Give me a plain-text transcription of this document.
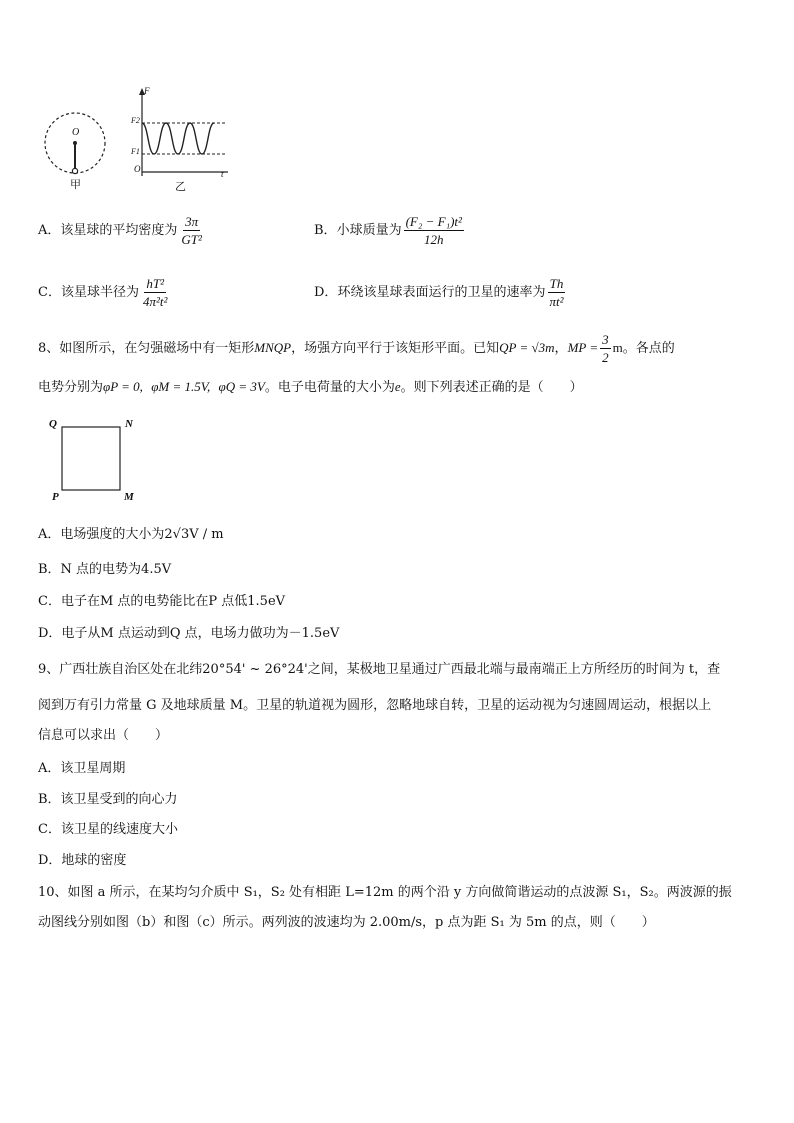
O
甲
F
F2
F1
O	t
乙
A．该星球的平均密度为 $\frac{3\pi}{\text{GT²}}$	B．小球质量为 $\frac{\text{(F₂ − F₁)t²}}{12h}$
C．该星球半径为 $\frac{\text{hT²}}{\text{4π²t²}}$	D．环绕该星球表面运行的卫星的速率为 $\frac{Th}{\text{πt²}}$
8、如图所示，在匀强磁场中有一矩形MNQP，场强方向平行于该矩形平面。已知QP = √3m，MP = $\frac{3}{2}$ m。各点的
电势分别为φP = 0, φM = 1.5V, φQ = 3V。电子电荷量的大小为e。则下列表述正确的是（　　）
Q	N
P	M
A．电场强度的大小为2√3V / m
B．N 点的电势为4.5V
C．电子在M 点的电势能比在P 点低1.5eV
D．电子从M 点运动到Q 点，电场力做功为－1.5eV
9、广西壮族自治区处在北纬20°54' ~ 26°24'之间，某极地卫星通过广西最北端与最南端正上方所经历的时间为 t，查
阅到万有引力常量 G 及地球质量 M。卫星的轨道视为圆形，忽略地球自转，卫星的运动视为匀速圆周运动，根据以上
信息可以求出（　　）
A．该卫星周期
B．该卫星受到的向心力
C．该卫星的线速度大小
D．地球的密度
10、如图 a 所示，在某均匀介质中 S₁，S₂ 处有相距 L=12m 的两个沿 y 方向做简谐运动的点波源 S₁，S₂。两波源的振
动图线分别如图（b）和图（c）所示。两列波的波速均为 2.00m/s，p 点为距 S₁ 为 5m 的点，则（　　）
